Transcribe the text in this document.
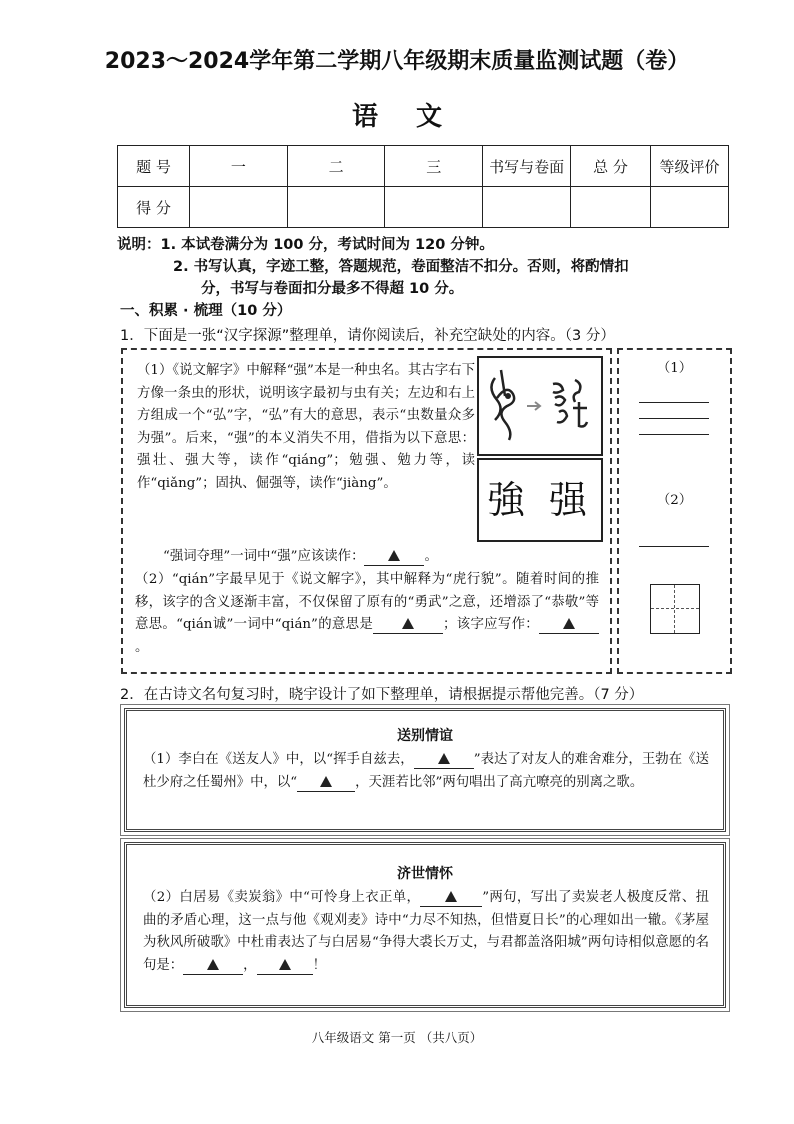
2023～2024学年第二学期八年级期末质量监测试题（卷）
语文
题 号	一	二	三	书写与卷面	总 分	等级评价
得 分						
说明：1. 本试卷满分为 100 分，考试时间为 120 分钟。
2. 书写认真，字迹工整，答题规范，卷面整洁不扣分。否则，将酌情扣
分，书写与卷面扣分最多不得超 10 分。
一、积累 · 梳理（10 分）
1．下面是一张“汉字探源”整理单，请你阅读后，补充空缺处的内容。（3 分）
（1）《说文解字》中解释“强”本是一种虫名。其古字右下方像一条虫的形状，说明该字最初与虫有关；左边和右上方组成一个“弘”字，“弘”有大的意思，表示“虫数量众多为强”。后来，“强”的本义消失不用，借指为以下意思：强壮、强大等，读作“qiáng”；勉强、勉力等，读作“qiǎng”；固执、倔强等，读作“jiàng”。
“强词夺理”一词中“强”应该读作：	。
（2）“qián”字最早见于《说文解字》，其中解释为“虎行貌”。随着时间的推移，该字的含义逐渐丰富，不仅保留了原有的“勇武”之意，还增添了“恭敬”等意思。“qián诚”一词中“qián”的意思是	；该字应写作：。
強 强
（1）
（2）
2．在古诗文名句复习时，晓宇设计了如下整理单，请根据提示帮他完善。（7 分）
送别情谊
（1）李白在《送友人》中，以“挥手自兹去，	”表达了对友人的难舍难分，王勃在《送杜少府之任蜀州》中，以“	，天涯若比邻”两句唱出了高亢嘹亮的别离之歌。
济世情怀
（2）白居易《卖炭翁》中“可怜身上衣正单，	”两句，写出了卖炭老人极度反常、扭曲的矛盾心理，这一点与他《观刈麦》诗中“力尽不知热，但惜夏日长”的心理如出一辙。《茅屋为秋风所破歌》中杜甫表达了与白居易“争得大裘长万丈，与君都盖洛阳城”两句诗相似意愿的名句是：	，	！
八年级语文 第一页 （共八页）
